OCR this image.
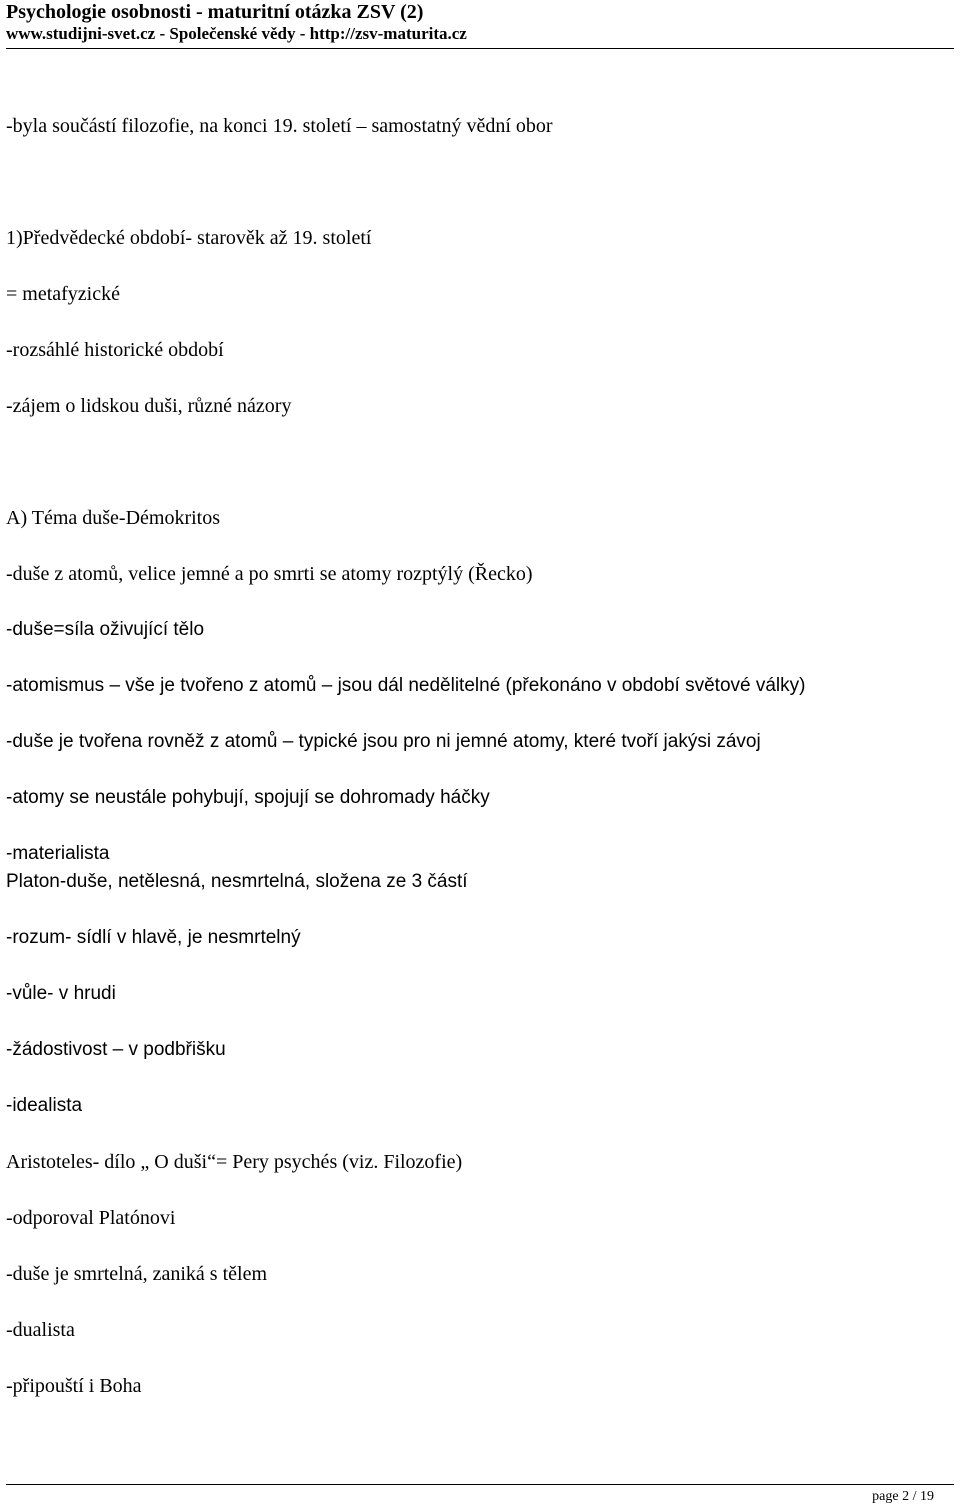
Psychologie osobnosti - maturitní otázka ZSV (2)
www.studijni-svet.cz - Společenské vědy - http://zsv-maturita.cz

-byla součástí filozofie, na konci 19. století – samostatný vědní obor

1)Předvědecké období- starověk až 19. století

= metafyzické

-rozsáhlé historické období

-zájem o lidskou duši, různé názory

A) Téma duše-Démokritos

-duše z atomů, velice jemné a po smrti se atomy rozptýlý (Řecko)

-duše=síla oživující tělo

-atomismus – vše je tvořeno z atomů – jsou dál nedělitelné (překonáno v období světové války)

-duše je tvořena rovněž z atomů – typické jsou pro ni jemné atomy, které tvoří jakýsi závoj

-atomy se neustále pohybují, spojují se dohromady háčky

-materialista

Platon-duše, netělesná, nesmrtelná, složena ze 3 částí

-rozum- sídlí v hlavě, je nesmrtelný

-vůle- v hrudi

-žádostivost – v podbřišku

-idealista

Aristoteles- dílo „ O duši“= Pery psychés (viz. Filozofie)

-odporoval Platónovi

-duše je smrtelná, zaniká s tělem

-dualista

-připouští i Boha

page 2 / 19
